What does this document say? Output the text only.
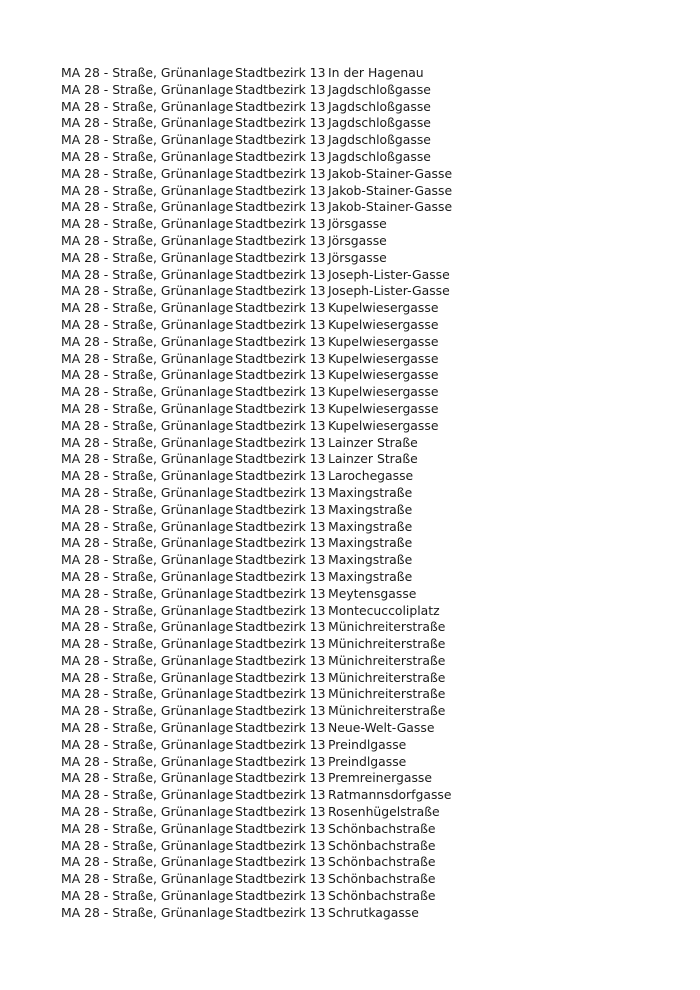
MA 28 - Straße, Grünanlage Stadtbezirk 13 In der Hagenau
MA 28 - Straße, Grünanlage Stadtbezirk 13 Jagdschloßgasse
MA 28 - Straße, Grünanlage Stadtbezirk 13 Jagdschloßgasse
MA 28 - Straße, Grünanlage Stadtbezirk 13 Jagdschloßgasse
MA 28 - Straße, Grünanlage Stadtbezirk 13 Jagdschloßgasse
MA 28 - Straße, Grünanlage Stadtbezirk 13 Jagdschloßgasse
MA 28 - Straße, Grünanlage Stadtbezirk 13 Jakob-Stainer-Gasse
MA 28 - Straße, Grünanlage Stadtbezirk 13 Jakob-Stainer-Gasse
MA 28 - Straße, Grünanlage Stadtbezirk 13 Jakob-Stainer-Gasse
MA 28 - Straße, Grünanlage Stadtbezirk 13 Jörsgasse
MA 28 - Straße, Grünanlage Stadtbezirk 13 Jörsgasse
MA 28 - Straße, Grünanlage Stadtbezirk 13 Jörsgasse
MA 28 - Straße, Grünanlage Stadtbezirk 13 Joseph-Lister-Gasse
MA 28 - Straße, Grünanlage Stadtbezirk 13 Joseph-Lister-Gasse
MA 28 - Straße, Grünanlage Stadtbezirk 13 Kupelwiesergasse
MA 28 - Straße, Grünanlage Stadtbezirk 13 Kupelwiesergasse
MA 28 - Straße, Grünanlage Stadtbezirk 13 Kupelwiesergasse
MA 28 - Straße, Grünanlage Stadtbezirk 13 Kupelwiesergasse
MA 28 - Straße, Grünanlage Stadtbezirk 13 Kupelwiesergasse
MA 28 - Straße, Grünanlage Stadtbezirk 13 Kupelwiesergasse
MA 28 - Straße, Grünanlage Stadtbezirk 13 Kupelwiesergasse
MA 28 - Straße, Grünanlage Stadtbezirk 13 Kupelwiesergasse
MA 28 - Straße, Grünanlage Stadtbezirk 13 Lainzer Straße
MA 28 - Straße, Grünanlage Stadtbezirk 13 Lainzer Straße
MA 28 - Straße, Grünanlage Stadtbezirk 13 Larochegasse
MA 28 - Straße, Grünanlage Stadtbezirk 13 Maxingstraße
MA 28 - Straße, Grünanlage Stadtbezirk 13 Maxingstraße
MA 28 - Straße, Grünanlage Stadtbezirk 13 Maxingstraße
MA 28 - Straße, Grünanlage Stadtbezirk 13 Maxingstraße
MA 28 - Straße, Grünanlage Stadtbezirk 13 Maxingstraße
MA 28 - Straße, Grünanlage Stadtbezirk 13 Maxingstraße
MA 28 - Straße, Grünanlage Stadtbezirk 13 Meytensgasse
MA 28 - Straße, Grünanlage Stadtbezirk 13 Montecuccoliplatz
MA 28 - Straße, Grünanlage Stadtbezirk 13 Münichreiterstraße
MA 28 - Straße, Grünanlage Stadtbezirk 13 Münichreiterstraße
MA 28 - Straße, Grünanlage Stadtbezirk 13 Münichreiterstraße
MA 28 - Straße, Grünanlage Stadtbezirk 13 Münichreiterstraße
MA 28 - Straße, Grünanlage Stadtbezirk 13 Münichreiterstraße
MA 28 - Straße, Grünanlage Stadtbezirk 13 Münichreiterstraße
MA 28 - Straße, Grünanlage Stadtbezirk 13 Neue-Welt-Gasse
MA 28 - Straße, Grünanlage Stadtbezirk 13 Preindlgasse
MA 28 - Straße, Grünanlage Stadtbezirk 13 Preindlgasse
MA 28 - Straße, Grünanlage Stadtbezirk 13 Premreinergasse
MA 28 - Straße, Grünanlage Stadtbezirk 13 Ratmannsdorfgasse
MA 28 - Straße, Grünanlage Stadtbezirk 13 Rosenhügelstraße
MA 28 - Straße, Grünanlage Stadtbezirk 13 Schönbachstraße
MA 28 - Straße, Grünanlage Stadtbezirk 13 Schönbachstraße
MA 28 - Straße, Grünanlage Stadtbezirk 13 Schönbachstraße
MA 28 - Straße, Grünanlage Stadtbezirk 13 Schönbachstraße
MA 28 - Straße, Grünanlage Stadtbezirk 13 Schönbachstraße
MA 28 - Straße, Grünanlage Stadtbezirk 13 Schrutkagasse
